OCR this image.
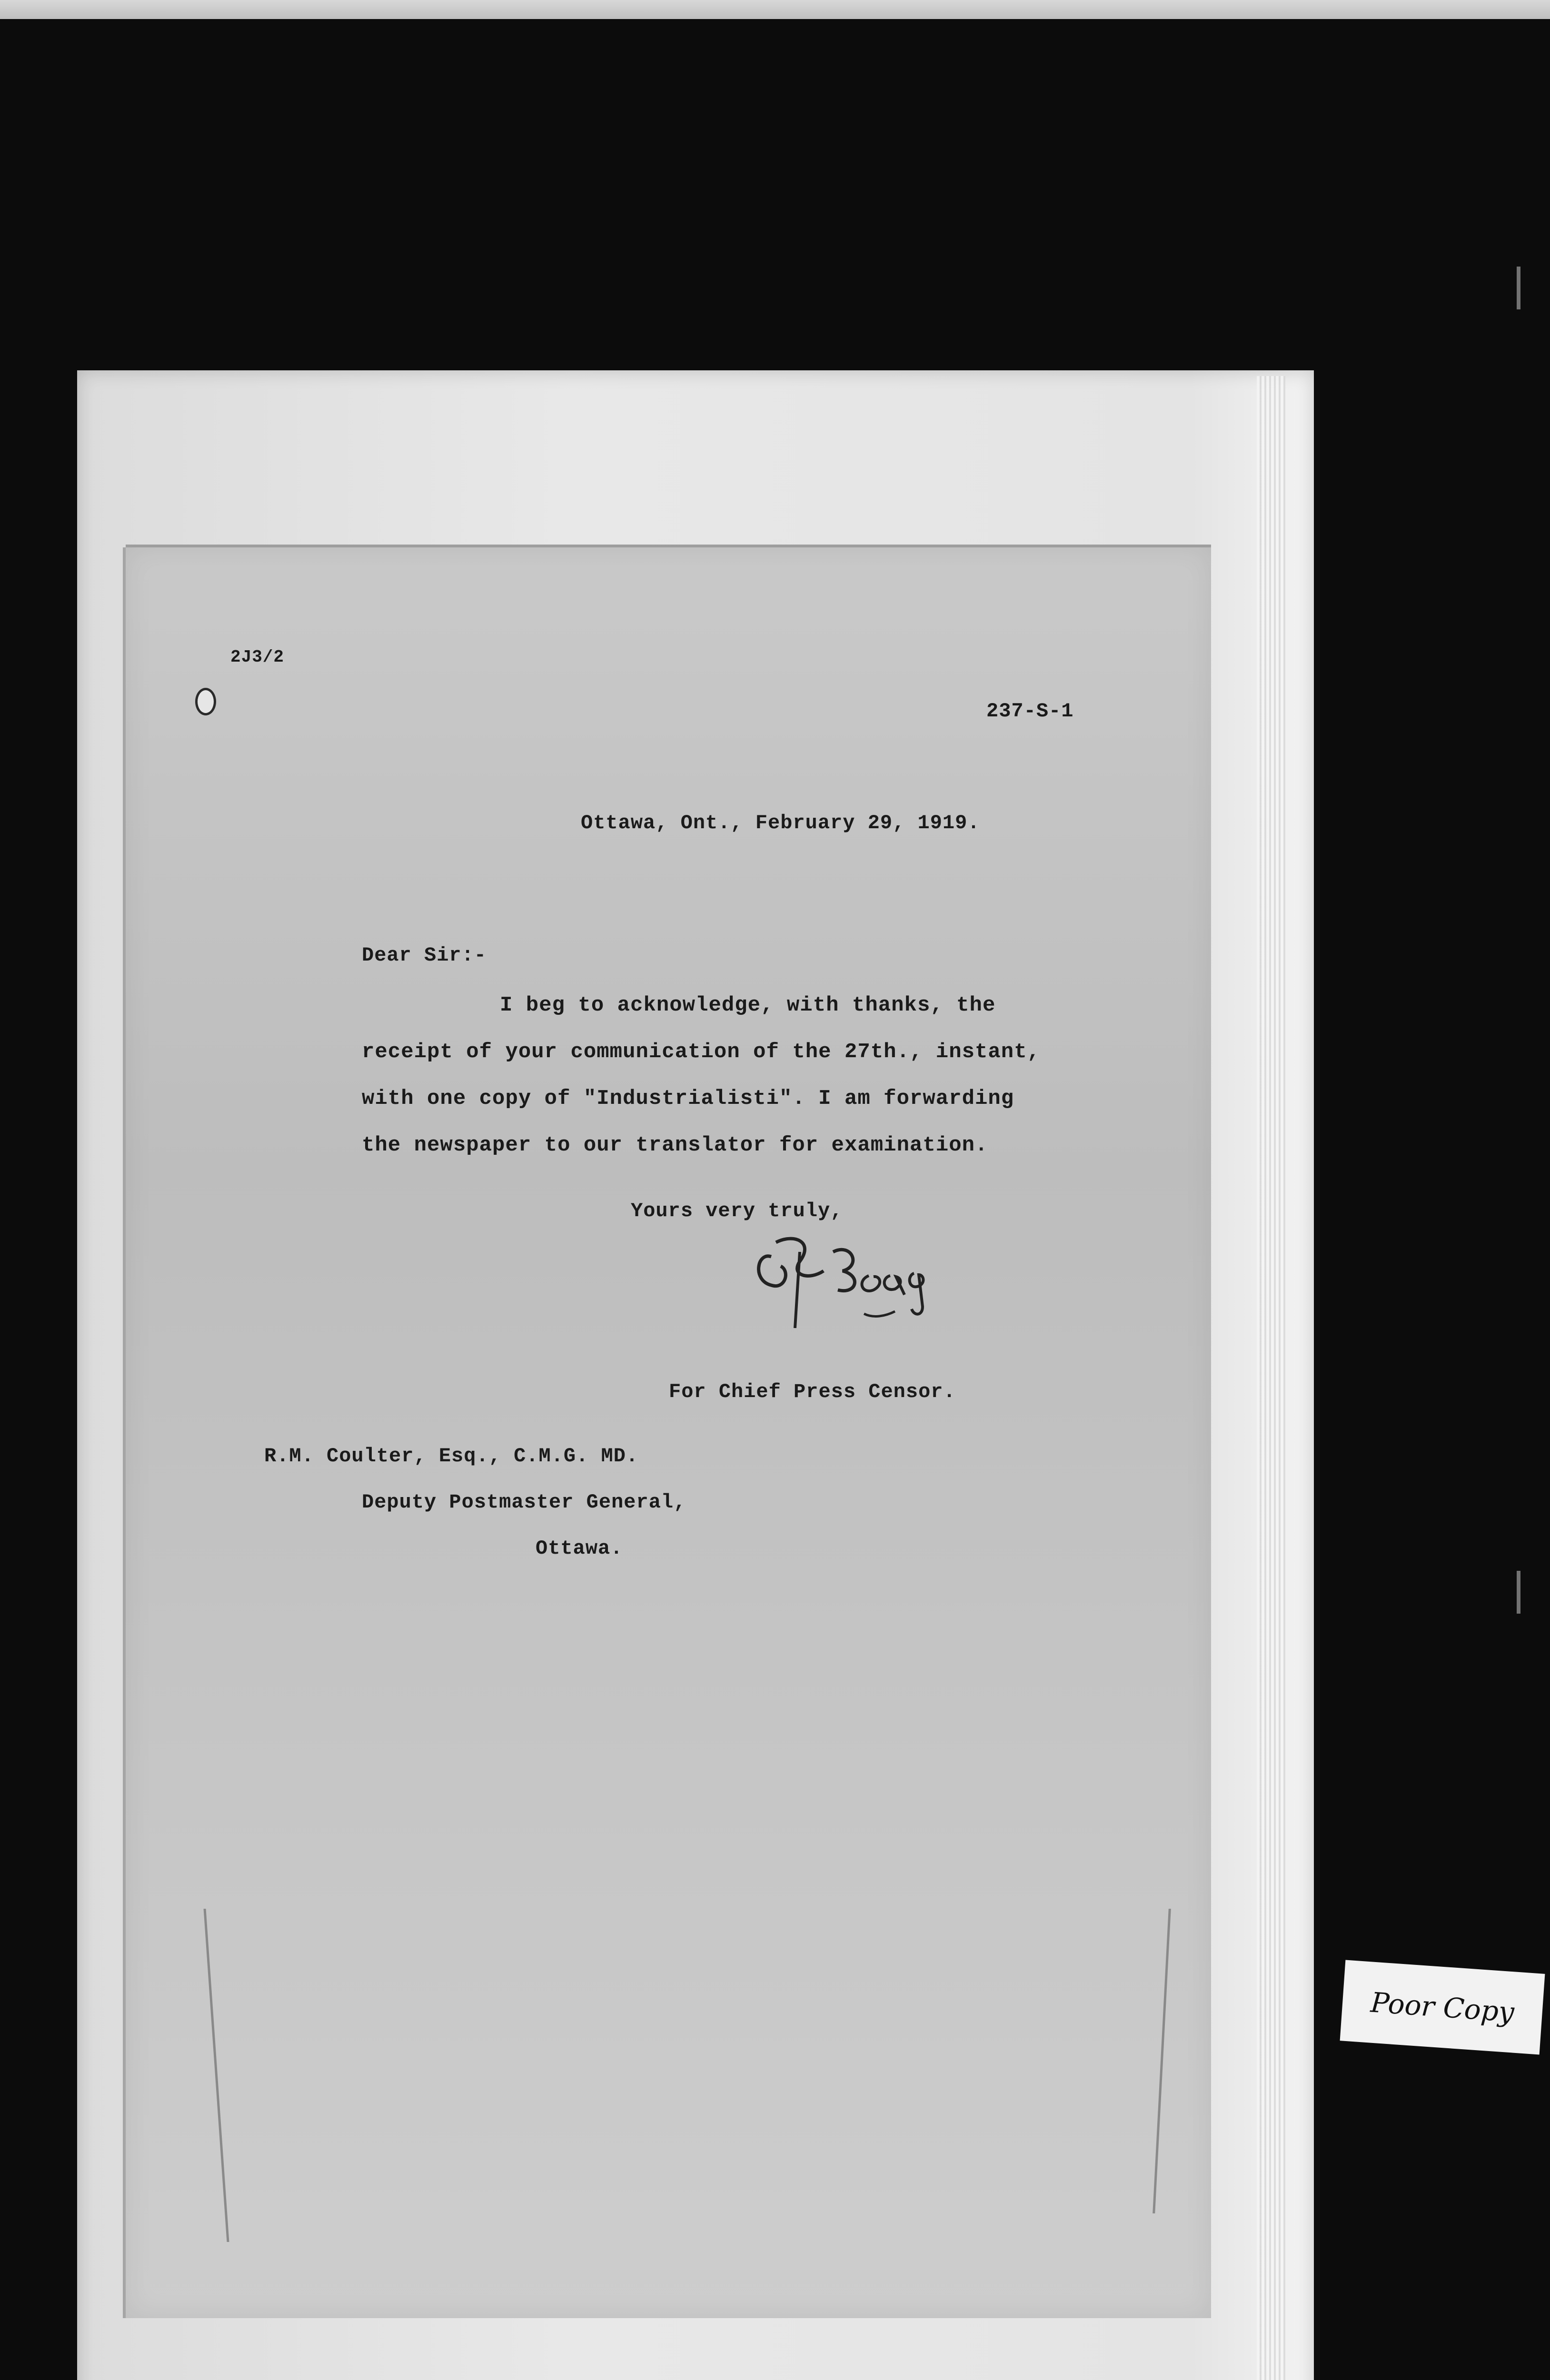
2J3/2
237-S-1
Ottawa, Ont., February 29, 1919.
Dear Sir:-
I beg to acknowledge, with thanks, the
receipt of your communication of the 27th., instant,
with one copy of "Industrialisti". I am forwarding
the newspaper to our translator for examination.
Yours very truly,
For Chief Press Censor.
R.M. Coulter, Esq., C.M.G. MD.
Deputy Postmaster General,
Ottawa.
Poor Copy
